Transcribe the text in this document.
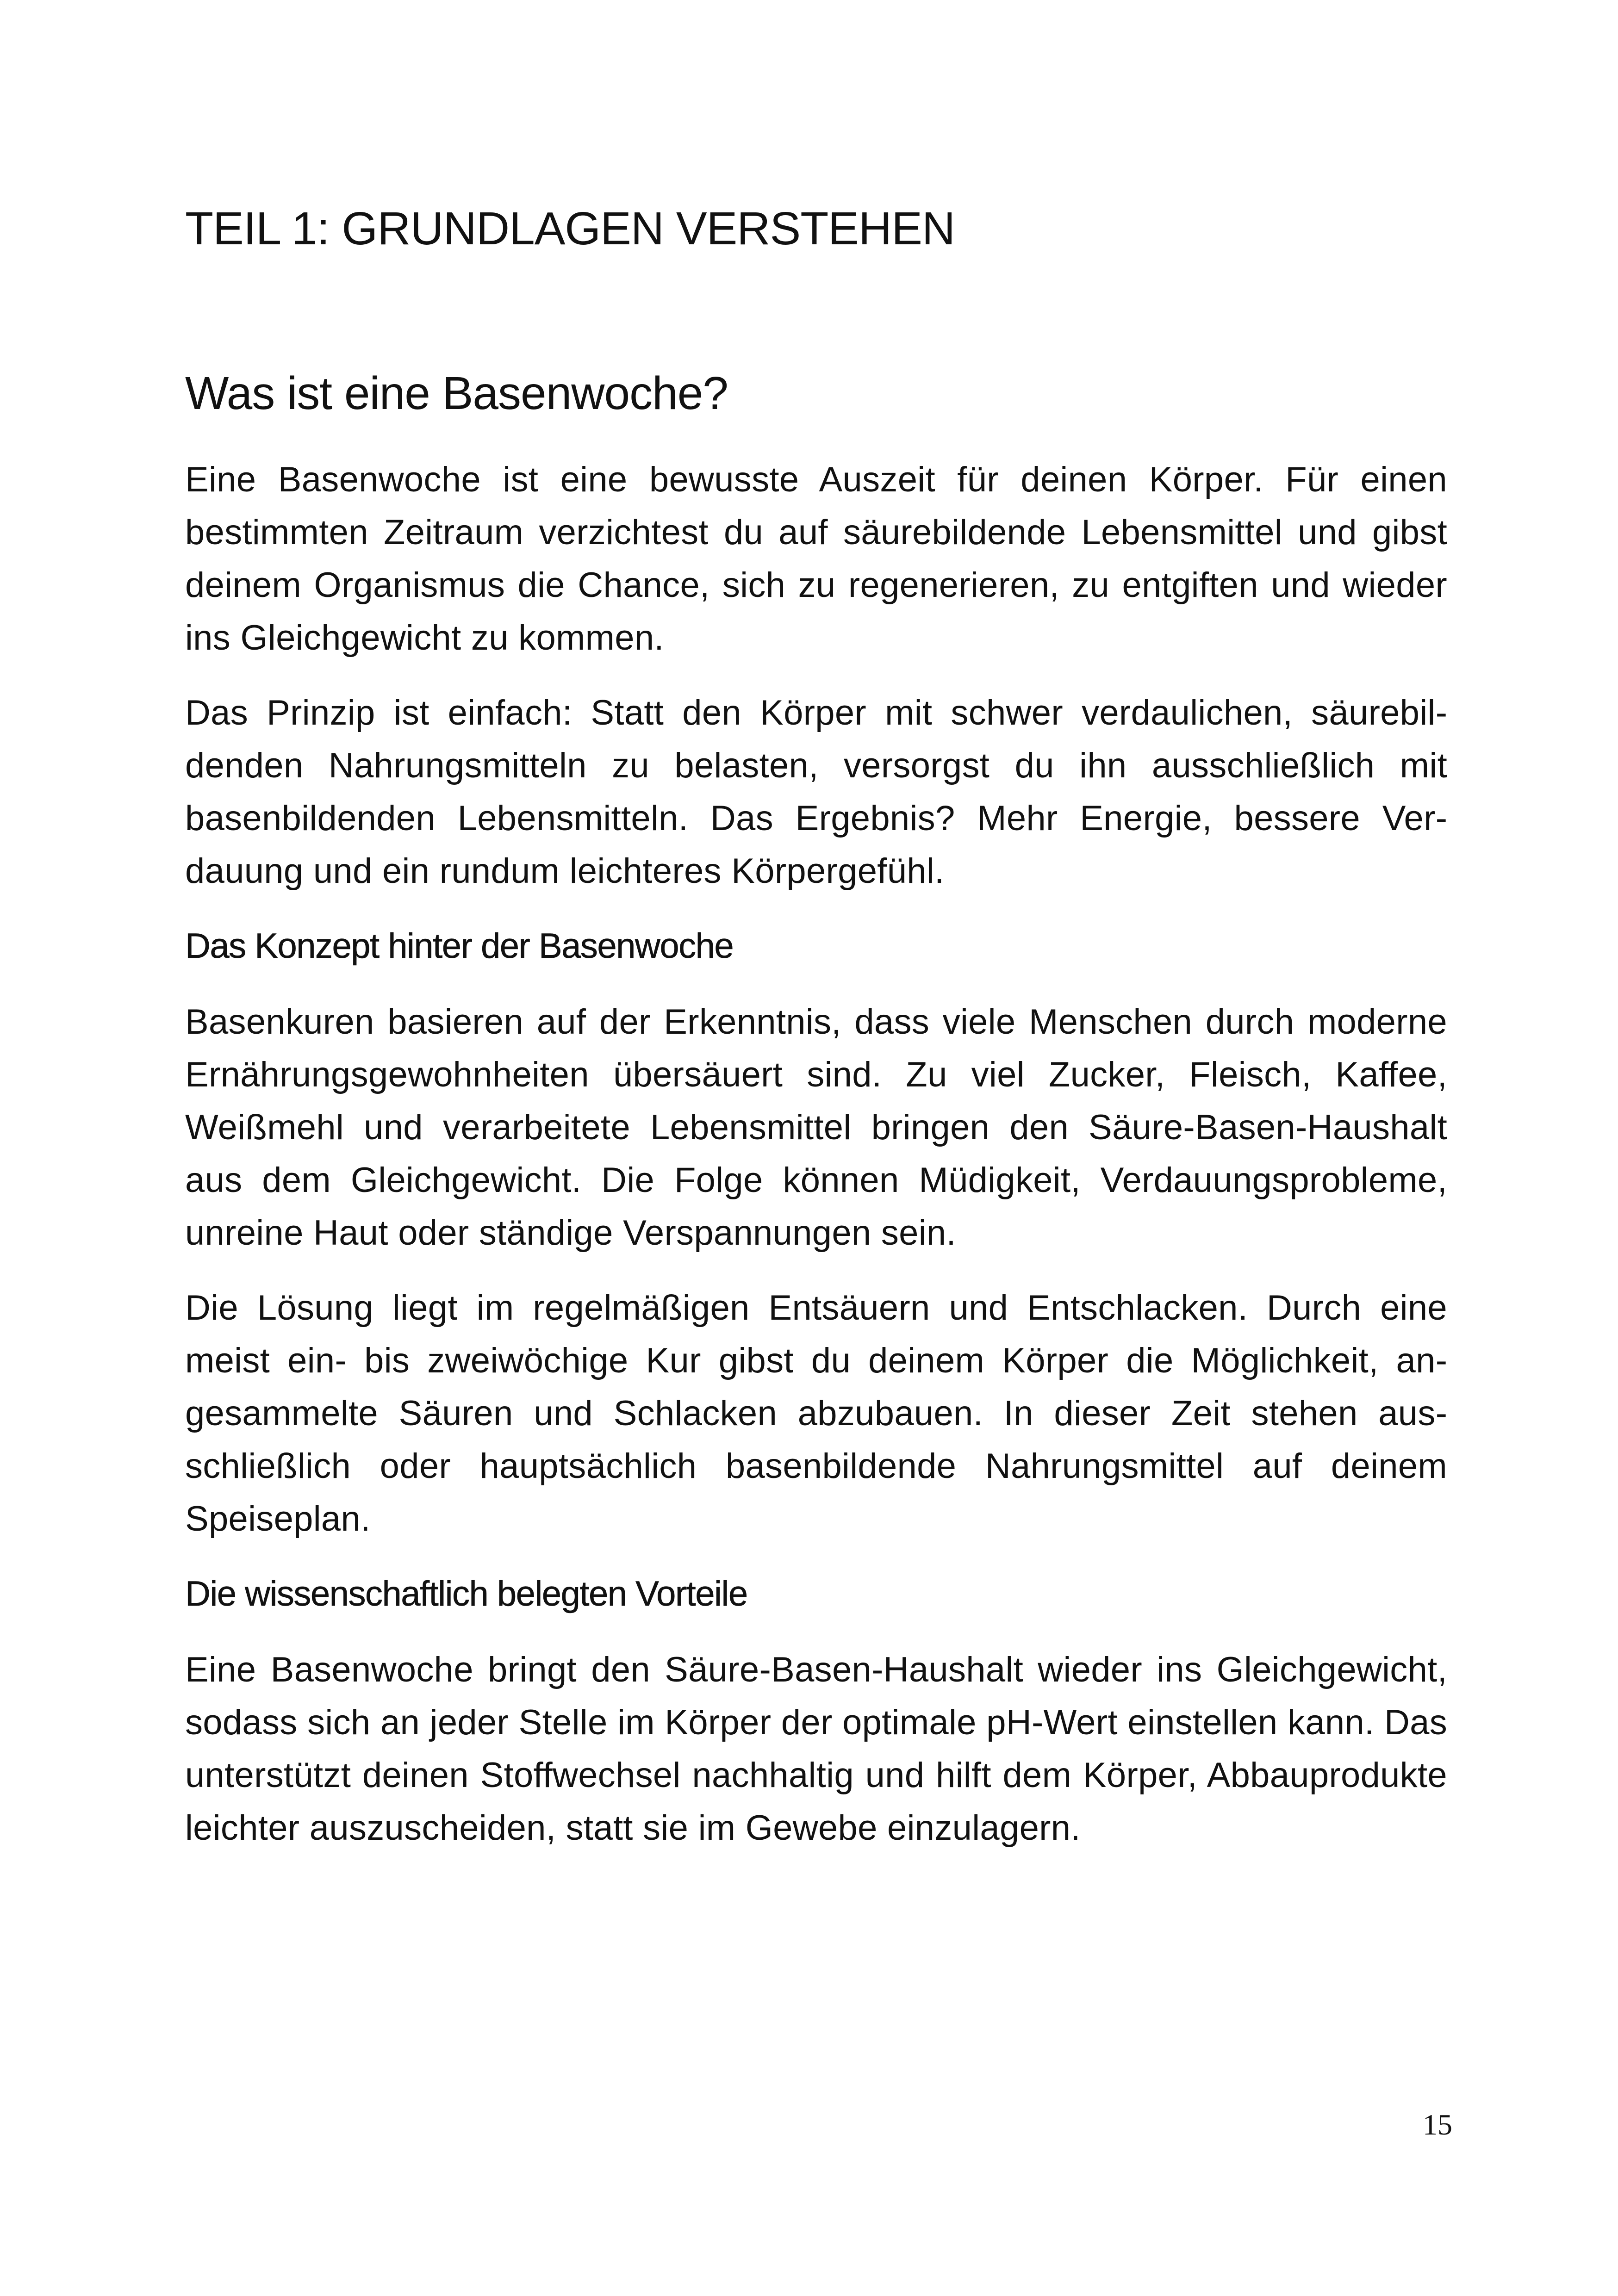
TEIL 1: GRUNDLAGEN VERSTEHEN
Was ist eine Basenwoche?

Eine Basenwoche ist eine bewusste Auszeit für deinen Körper. Für einen bestimmten Zeitraum verzichtest du auf säurebildende Lebensmittel und gibst deinem Organismus die Chance, sich zu regenerieren, zu entgiften und wieder ins Gleichgewicht zu kommen.

Das Prinzip ist einfach: Statt den Körper mit schwer verdaulichen, säurebildenden Nahrungsmitteln zu belasten, versorgst du ihn ausschließlich mit basenbildenden Lebensmitteln. Das Ergebnis? Mehr Energie, bessere Verdauung und ein rundum leichteres Körpergefühl.

Das Konzept hinter der Basenwoche

Basenkuren basieren auf der Erkenntnis, dass viele Menschen durch moderne Ernährungsgewohnheiten übersäuert sind. Zu viel Zucker, Fleisch, Kaffee, Weißmehl und verarbeitete Lebensmittel bringen den Säure-Basen-Haushalt aus dem Gleichgewicht. Die Folge können Müdigkeit, Verdauungsprobleme, unreine Haut oder ständige Verspannungen sein.

Die Lösung liegt im regelmäßigen Entsäuern und Entschlacken. Durch eine meist ein- bis zweiwöchige Kur gibst du deinem Körper die Möglichkeit, angesammelte Säuren und Schlacken abzubauen. In dieser Zeit stehen ausschließlich oder hauptsächlich basenbildende Nahrungsmittel auf deinem Speiseplan.

Die wissenschaftlich belegten Vorteile

Eine Basenwoche bringt den Säure-Basen-Haushalt wieder ins Gleichgewicht, sodass sich an jeder Stelle im Körper der optimale pH-Wert einstellen kann. Das unterstützt deinen Stoffwechsel nachhaltig und hilft dem Körper, Abbauprodukte leichter auszuscheiden, statt sie im Gewebe einzulagern.

15
